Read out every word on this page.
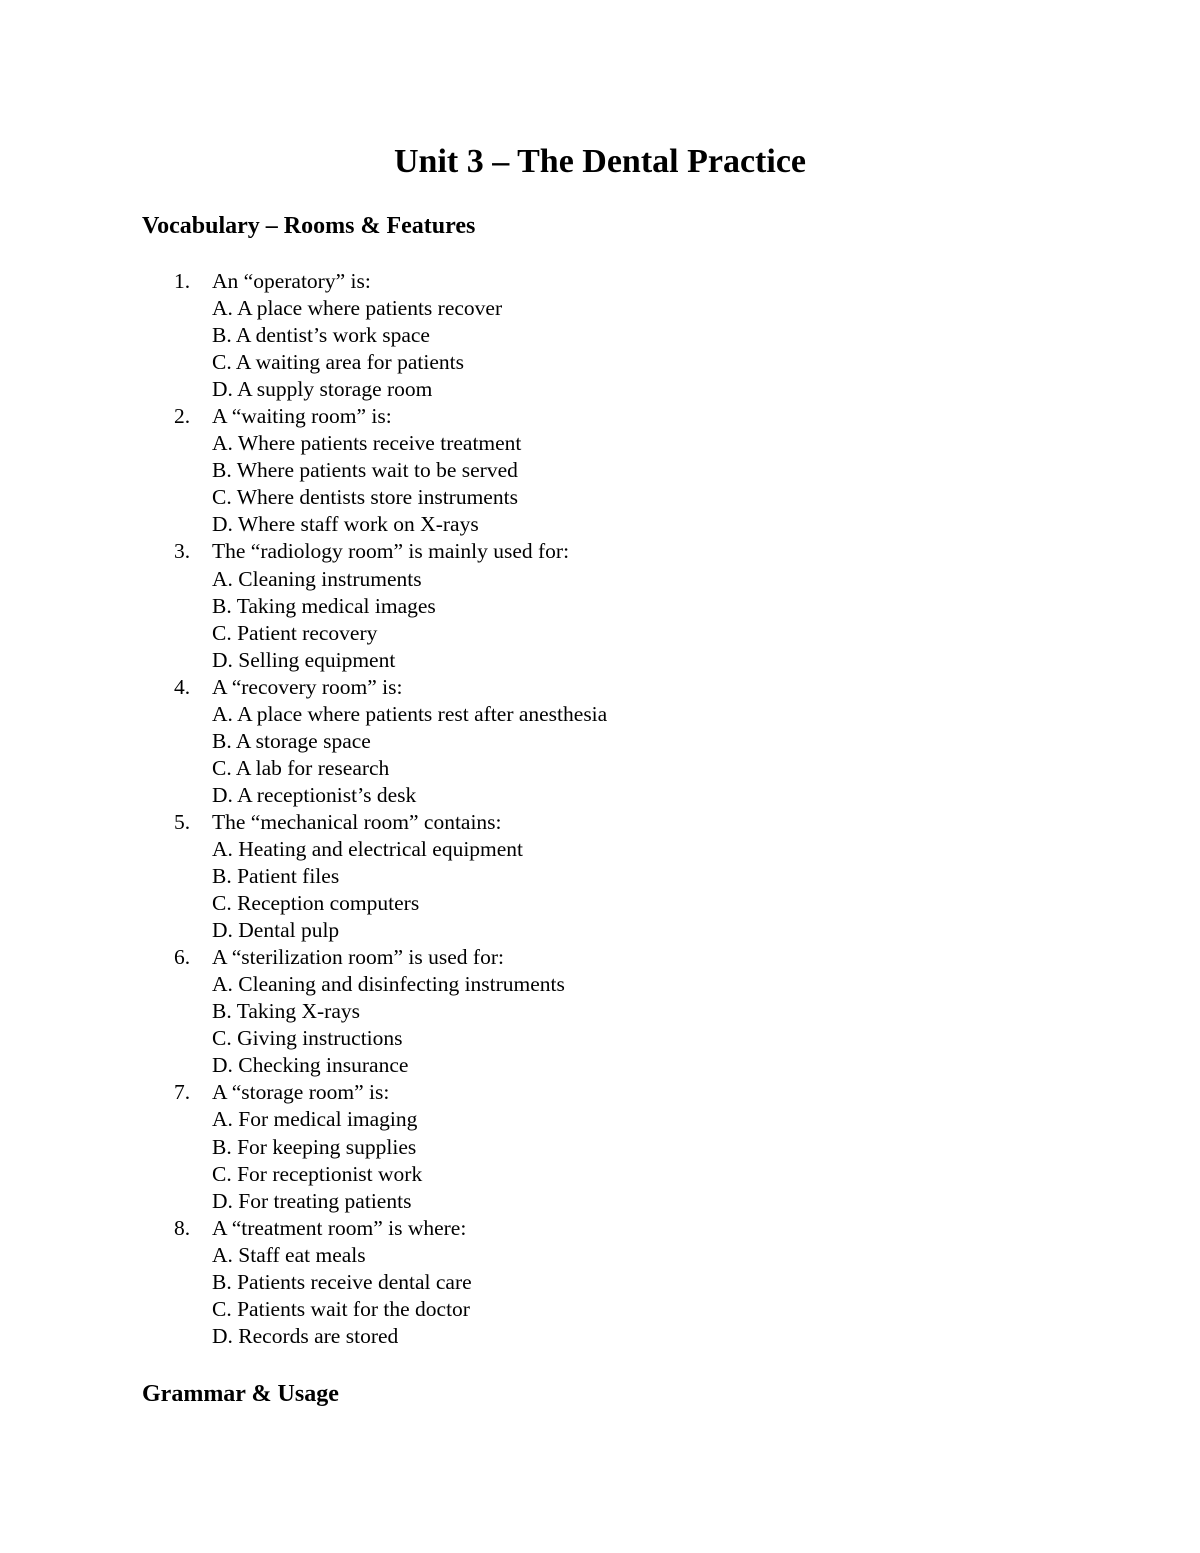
Unit 3 – The Dental Practice
Vocabulary – Rooms & Features
1.	An “operatory” is:
A. A place where patients recover
B. A dentist’s work space
C. A waiting area for patients
D. A supply storage room
2.	A “waiting room” is:
A. Where patients receive treatment
B. Where patients wait to be served
C. Where dentists store instruments
D. Where staff work on X-rays
3.	The “radiology room” is mainly used for:
A. Cleaning instruments
B. Taking medical images
C. Patient recovery
D. Selling equipment
4.	A “recovery room” is:
A. A place where patients rest after anesthesia
B. A storage space
C. A lab for research
D. A receptionist’s desk
5.	The “mechanical room” contains:
A. Heating and electrical equipment
B. Patient files
C. Reception computers
D. Dental pulp
6.	A “sterilization room” is used for:
A. Cleaning and disinfecting instruments
B. Taking X-rays
C. Giving instructions
D. Checking insurance
7.	A “storage room” is:
A. For medical imaging
B. For keeping supplies
C. For receptionist work
D. For treating patients
8.	A “treatment room” is where:
A. Staff eat meals
B. Patients receive dental care
C. Patients wait for the doctor
D. Records are stored
Grammar & Usage
